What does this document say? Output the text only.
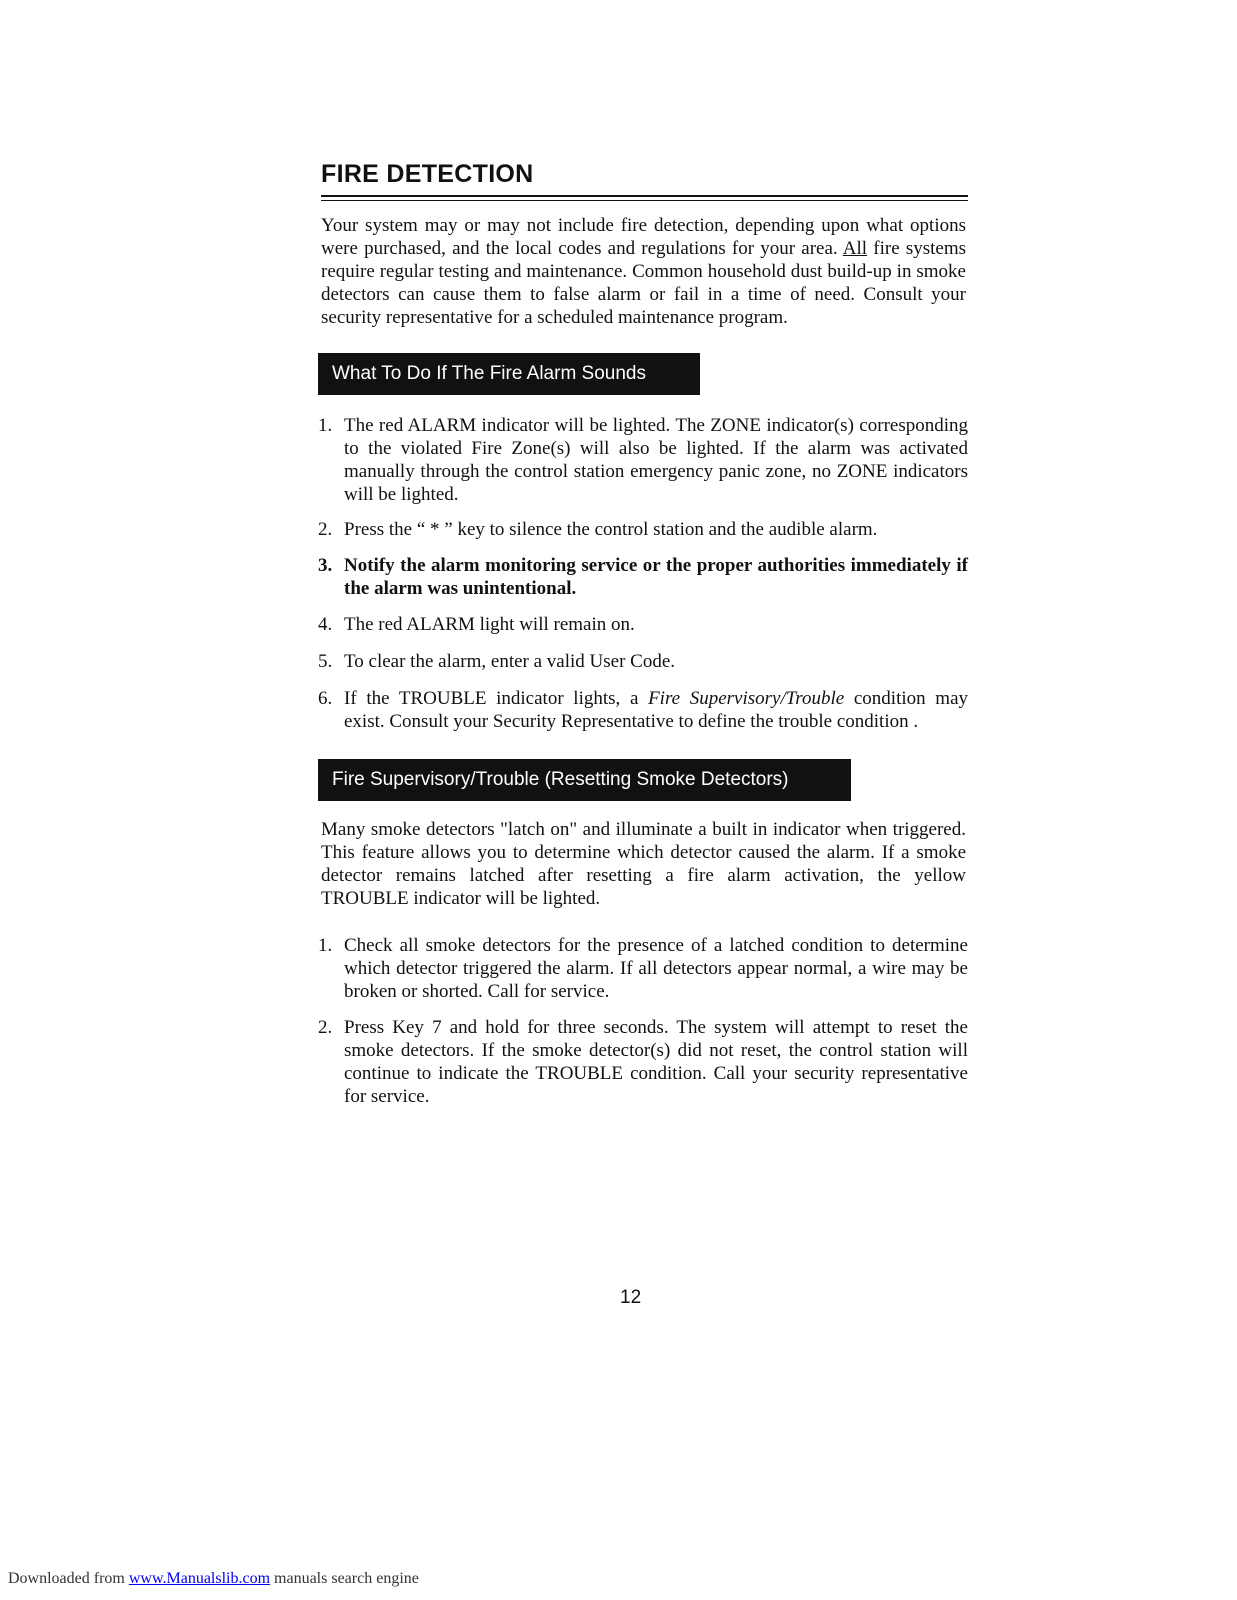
FIRE DETECTION

Your system may or may not include fire detection, depending upon what options were purchased, and the local codes and regulations for your area. All fire systems require regular testing and maintenance. Common household dust build-up in smoke detectors can cause them to false alarm or fail in a time of need. Consult your security representative for a scheduled maintenance program.

What To Do If The Fire Alarm Sounds
1. The red ALARM indicator will be lighted. The ZONE indicator(s) corresponding to the violated Fire Zone(s) will also be lighted. If the alarm was activated manually through the control station emergency panic zone, no ZONE indicators will be lighted.
2. Press the “ * ” key to silence the control station and the audible alarm.
3. Notify the alarm monitoring service or the proper authorities immediately if the alarm was unintentional.
4. The red ALARM light will remain on.
5. To clear the alarm, enter a valid User Code.
6. If the TROUBLE indicator lights, a Fire Supervisory/Trouble condition may exist. Consult your Security Representative to define the trouble condition .
Fire Supervisory/Trouble (Resetting Smoke Detectors)

Many smoke detectors "latch on" and illuminate a built in indicator when triggered. This feature allows you to determine which detector caused the alarm. If a smoke detector remains latched after resetting a fire alarm activation, the yellow TROUBLE indicator will be lighted.

1. Check all smoke detectors for the presence of a latched condition to determine which detector triggered the alarm. If all detectors appear normal, a wire may be broken or shorted. Call for service.
2. Press Key 7 and hold for three seconds. The system will attempt to reset the smoke detectors. If the smoke detector(s) did not reset, the control station will continue to indicate the TROUBLE condition. Call your security representative for service.
12
Downloaded from www.Manualslib.com manuals search engine
